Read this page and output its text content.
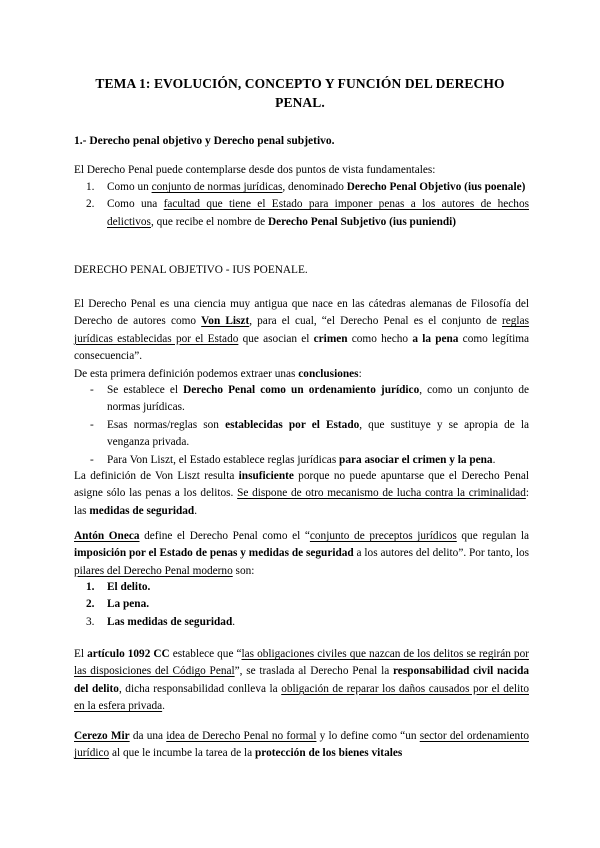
TEMA 1: EVOLUCIÓN, CONCEPTO Y FUNCIÓN DEL DERECHO PENAL.

1.- Derecho penal objetivo y Derecho penal subjetivo.

El Derecho Penal puede contemplarse desde dos puntos de vista fundamentales:

1. Como un conjunto de normas jurídicas, denominado Derecho Penal Objetivo (ius poenale)
2. Como una facultad que tiene el Estado para imponer penas a los autores de hechos delictivos, que recibe el nombre de Derecho Penal Subjetivo (ius puniendi)

DERECHO PENAL OBJETIVO - IUS POENALE.

El Derecho Penal es una ciencia muy antigua que nace en las cátedras alemanas de Filosofía del Derecho de autores como Von Liszt, para el cual, “el Derecho Penal es el conjunto de reglas jurídicas establecidas por el Estado que asocian el crimen como hecho a la pena como legítima consecuencia”.
De esta primera definición podemos extraer unas conclusiones:

- Se establece el Derecho Penal como un ordenamiento jurídico, como un conjunto de normas jurídicas.
- Esas normas/reglas son establecidas por el Estado, que sustituye y se apropia de la venganza privada.
- Para Von Liszt, el Estado establece reglas jurídicas para asociar el crimen y la pena.

La definición de Von Liszt resulta insuficiente porque no puede apuntarse que el Derecho Penal asigne sólo las penas a los delitos. Se dispone de otro mecanismo de lucha contra la criminalidad: las medidas de seguridad.

Antón Oneca define el Derecho Penal como el “conjunto de preceptos jurídicos que regulan la imposición por el Estado de penas y medidas de seguridad a los autores del delito”. Por tanto, los pilares del Derecho Penal moderno son:

1. El delito.
2. La pena.
3. Las medidas de seguridad.

El artículo 1092 CC establece que “las obligaciones civiles que nazcan de los delitos se regirán por las disposiciones del Código Penal”, se traslada al Derecho Penal la responsabilidad civil nacida del delito, dicha responsabilidad conlleva la obligación de reparar los daños causados por el delito en la esfera privada.

Cerezo Mir da una idea de Derecho Penal no formal y lo define como “un sector del ordenamiento jurídico al que le incumbe la tarea de la protección de los bienes vitales
